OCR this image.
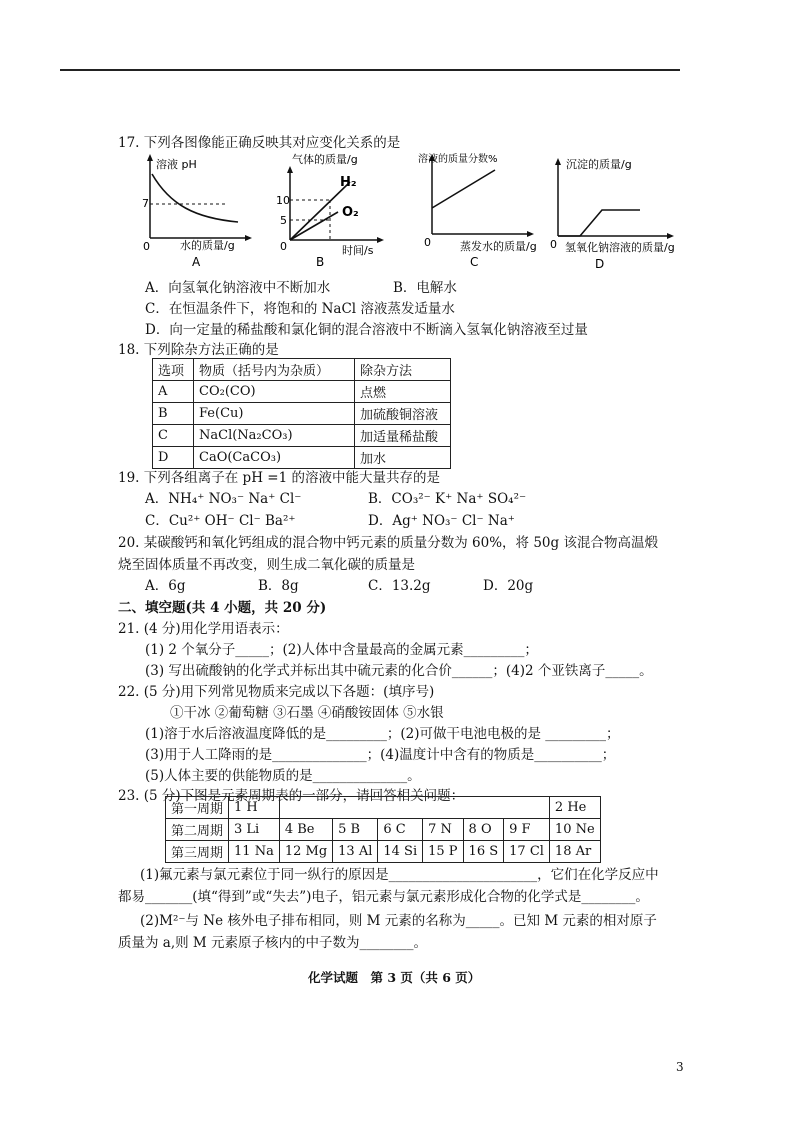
17. 下列各图像能正确反映其对应变化关系的是
溶液 pH
7
0	水的质量/g
A
气体的质量/g
10
5
0
H₂
O₂
时间/s
B
溶液的质量分数%
0	蒸发水的质量/g
C
沉淀的质量/g
0 氢氧化钠溶液的质量/g
D
A．向氢氧化钠溶液中不断加水	B．电解水
C．在恒温条件下，将饱和的 NaCl 溶液蒸发适量水
D．向一定量的稀盐酸和氯化铜的混合溶液中不断滴入氢氧化钠溶液至过量
18. 下列除杂方法正确的是
选项	物质（括号内为杂质）	除杂方法
A	CO₂(CO)	点燃
B	Fe(Cu)	加硫酸铜溶液
C	NaCl(Na₂CO₃)	加适量稀盐酸
D	CaO(CaCO₃)	加水
19. 下列各组离子在 pH =1 的溶液中能大量共存的是
A．NH₄⁺ NO₃⁻ Na⁺ Cl⁻	B．CO₃²⁻ K⁺ Na⁺ SO₄²⁻
C．Cu²⁺ OH⁻ Cl⁻ Ba²⁺	D．Ag⁺ NO₃⁻ Cl⁻ Na⁺
20. 某碳酸钙和氧化钙组成的混合物中钙元素的质量分数为 60%，将 50g 该混合物高温煅
烧至固体质量不再改变，则生成二氧化碳的质量是
A．6g	B．8g	C．13.2g	D．20g
二、填空题(共 4 小题，共 20 分)
21. (4 分)用化学用语表示：
(1) 2 个氧分子_____；(2)人体中含量最高的金属元素_________；
(3) 写出硫酸钠的化学式并标出其中硫元素的化合价______；(4)2 个亚铁离子_____。
22. (5 分)用下列常见物质来完成以下各题：(填序号)
①干冰 ②葡萄糖 ③石墨 ④硝酸铵固体 ⑤水银
(1)溶于水后溶液温度降低的是_________；(2)可做干电池电极的是 _________；
(3)用于人工降雨的是______________；(4)温度计中含有的物质是__________；
(5)人体主要的供能物质的是______________。
23. (5 分)下图是元素周期表的一部分，请回答相关问题：
第一周期	1 H							2 He
第二周期	3 Li	4 Be	5 B	6 C	7 N	8 O	9 F	10 Ne
第三周期	11 Na	12 Mg	13 Al	14 Si	15 P	16 S	17 Cl	18 Ar
(1)氟元素与氯元素位于同一纵行的原因是______________________，它们在化学反应中
都易_______(填“得到”或“失去”)电子，铝元素与氯元素形成化合物的化学式是________。
(2)M²⁻与 Ne 核外电子排布相同，则 M 元素的名称为_____。已知 M 元素的相对原子
质量为 a,则 M 元素原子核内的中子数为________。
化学试题　第 3 页（共 6 页）
3
